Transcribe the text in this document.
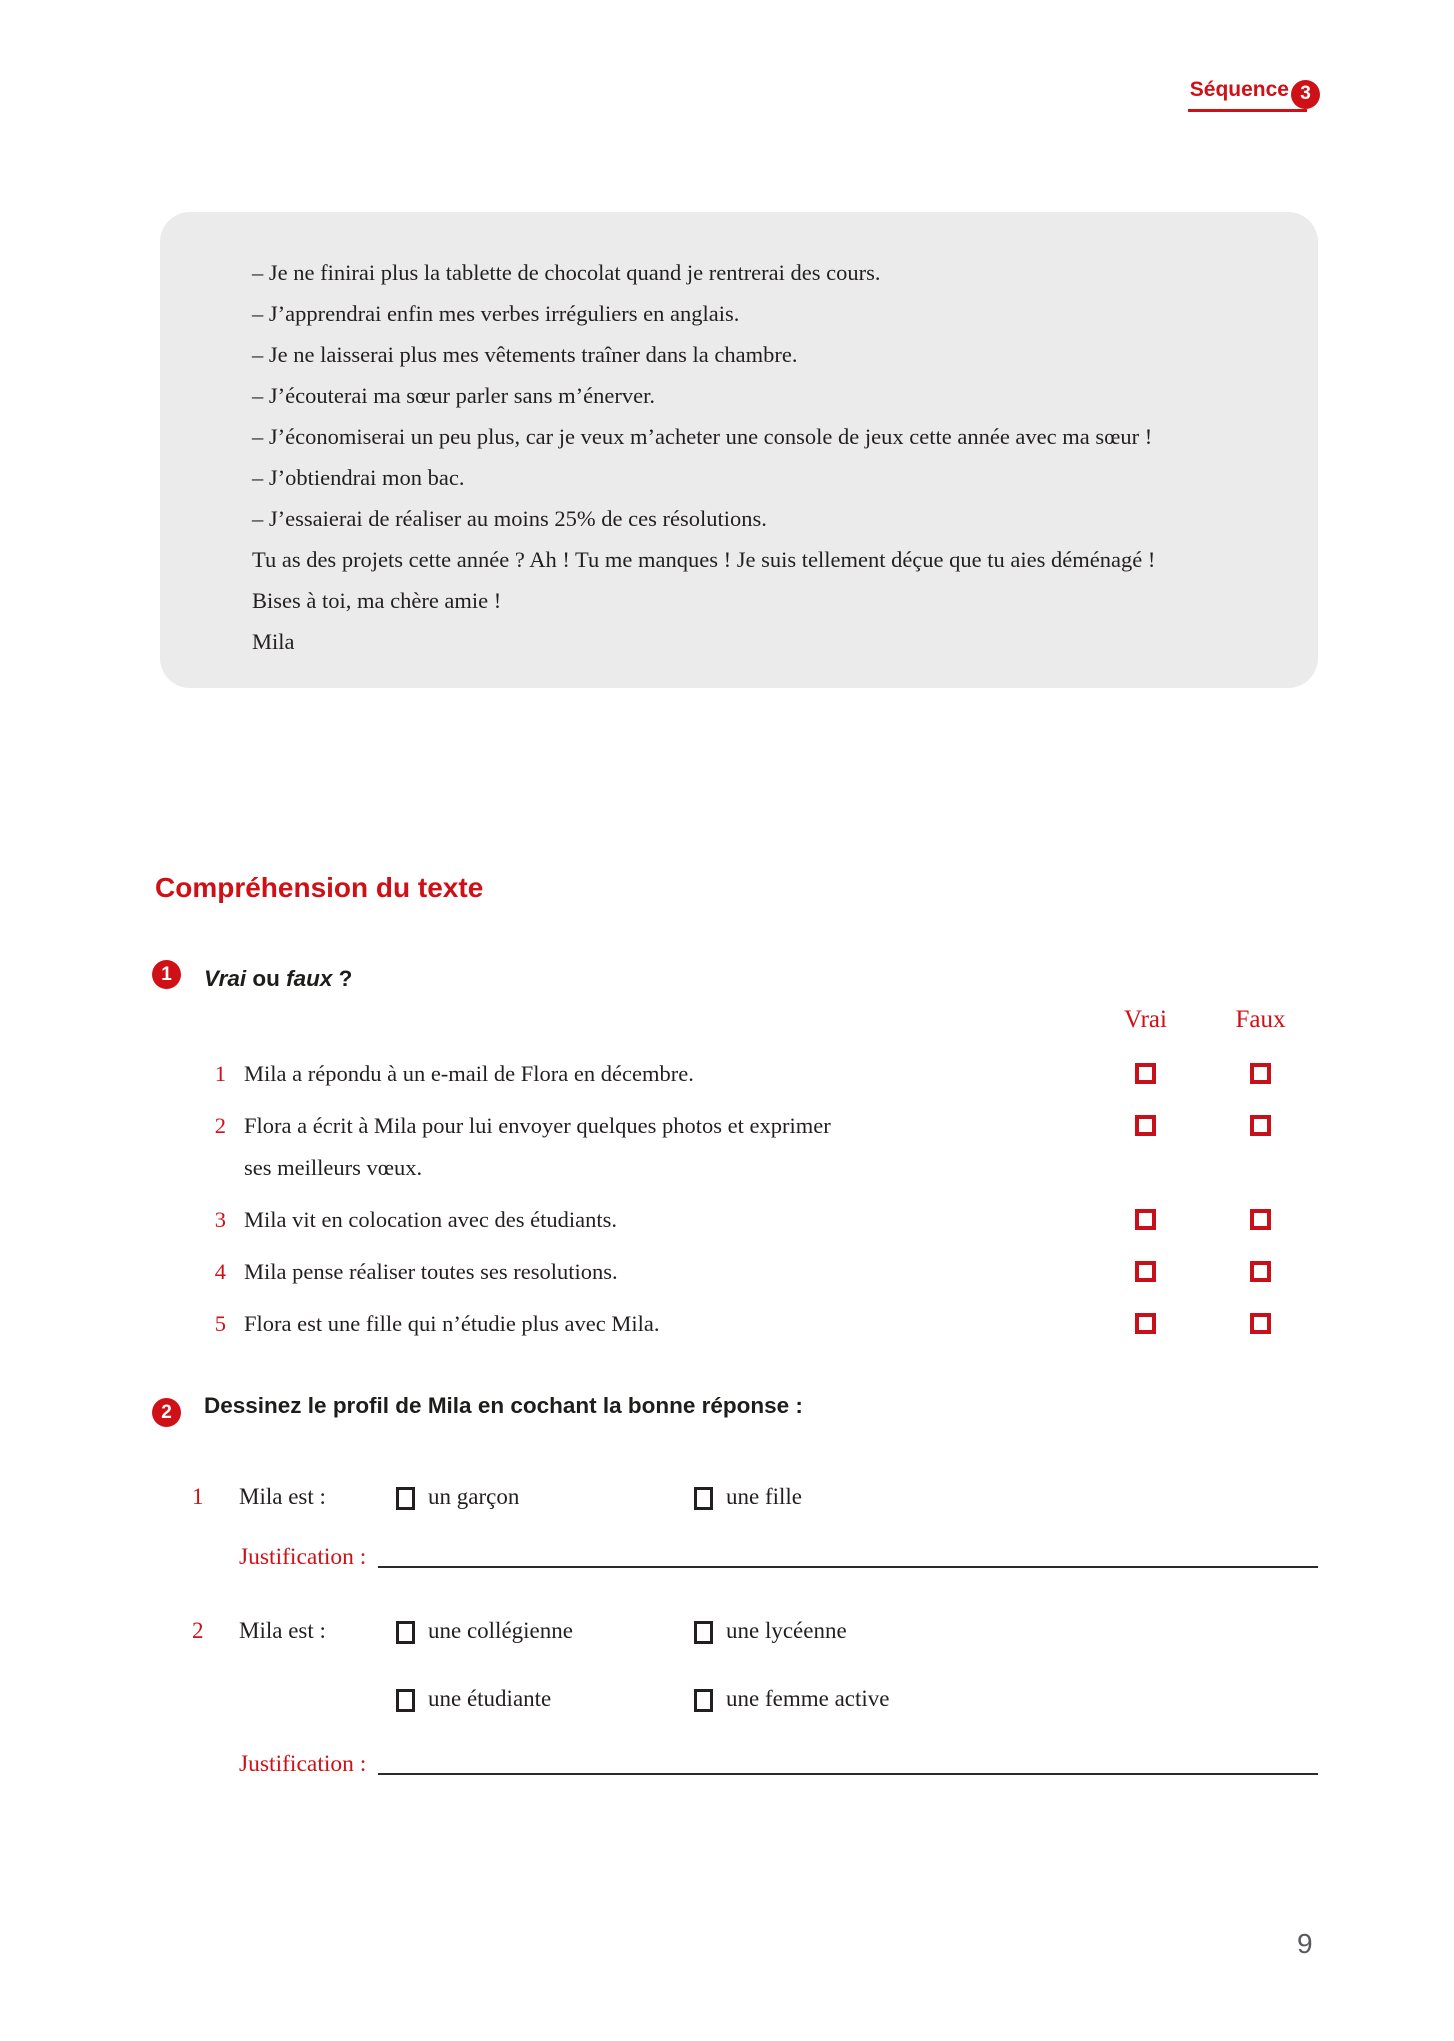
Séquence 3

– Je ne finirai plus la tablette de chocolat quand je rentrerai des cours.

– J’apprendrai enfin mes verbes irréguliers en anglais.

– Je ne laisserai plus mes vêtements traîner dans la chambre.

– J’écouterai ma sœur parler sans m’énerver.

– J’économiserai un peu plus, car je veux m’acheter une console de jeux cette année avec ma sœur !

– J’obtiendrai mon bac.

– J’essaierai de réaliser au moins 25% de ces résolutions.

Tu as des projets cette année ? Ah ! Tu me manques ! Je suis tellement déçue que tu aies déménagé !

Bises à toi, ma chère amie !

Mila

Compréhension du texte
1 Vrai ou faux ?
Vrai	Faux
1 Mila a répondu à un e-mail de Flora en décembre.
2 Flora a écrit à Mila pour lui envoyer quelques photos et exprimer ses meilleurs vœux.
3 Mila vit en colocation avec des étudiants.
4 Mila pense réaliser toutes ses resolutions.
5 Flora est une fille qui n’étudie plus avec Mila.
2 Dessinez le profil de Mila en cochant la bonne réponse :
1	Mila est :	un garçon	une fille
Justification :
2	Mila est :	une collégienne	une lycéenne
une étudiante	une femme active
Justification :
9
